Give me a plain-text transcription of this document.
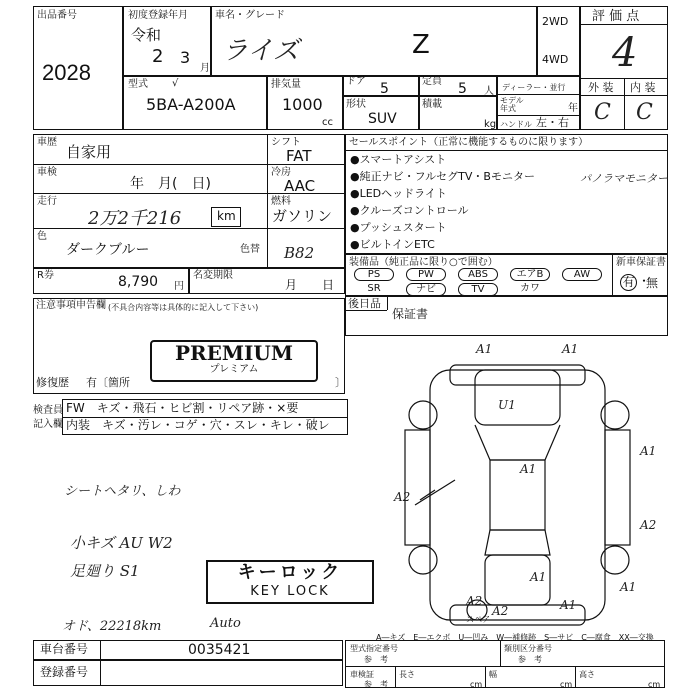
出品番号
2028
初度登録年月
令和
2 3
月
車名・グレード
ライズ	Z
2WD
4WD
評 価 点
4
外 装 内 装
C C
型式 √
5BA-A200A
排気量
1000
cc
ドア 5	定員 5 人
形状
SUV
積載
kg
ディーラー・並行
モデル年式	年
ハンドル 左・右
車歴
自家用
車検
年　月(　日)
走行
2万2千216	km
色
ダークブルー	色替 B82
シフト
FAT
冷房
AAC
燃料
ガソリン
R券	8,790 円
名変期限
月 日
セールスポイント（正常に機能するものに限ります）
●スマートアシスト
●純正ナビ・フルセグTV・Bモニター
●LEDヘッドライト
●クルーズコントロール
●プッシュスタート
●ビルトインETC
パノラマモニター
装備品（純正品に限り○で囲む）	新車保証書
有 ・
無
PS	PW	ABS	エアB	AW
SR	ナビ	TV	カワ
後日品
保証書
注意事項申告欄 (不具合内容等は具体的に記入して下さい)
PREMIUM
プレミアム
修復歴 有〔箇所	〕
検査員
記入欄
FW　キズ・飛石・ヒビ割・リペア跡・×要
内装　キズ・汚レ・コゲ・穴・スレ・キレ・破レ
シートヘタリ、しわ
小キズ AU W2
足廻り S1
オド、22218km	Auto
キーロック
KEY LOCK
A1	A1
U1
A1
A1
A2
A2
A1
A1
A2	A1
A2
スペア
A―キズ　E―エクボ　U―凹み　W―補修跡　S―サビ　C―腐食　XX―交換
車台番号	0035421
登録番号
型式指定番号
参　考
類別区分番号
参　考
車検証
参　考
長さ
cm
幅
cm
高さ
cm
